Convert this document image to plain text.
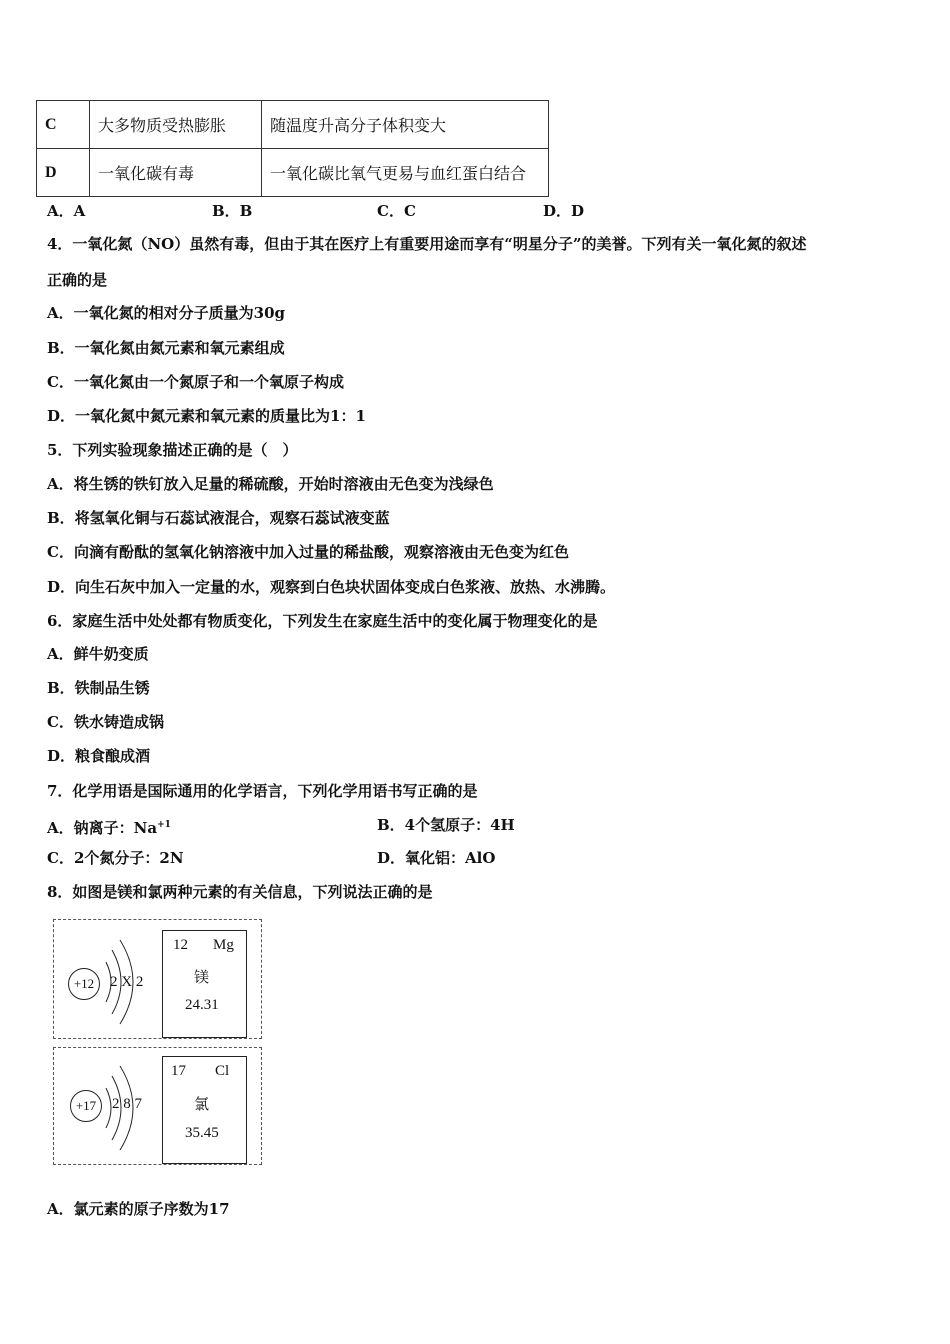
C	大多物质受热膨胀	随温度升高分子体积变大
D	一氧化碳有毒	一氧化碳比氧气更易与血红蛋白结合
A．A	B．B	C．C	D．D
4．一氧化氮（NO）虽然有毒，但由于其在医疗上有重要用途而享有“明星分子”的美誉。下列有关一氧化氮的叙述
正确的是
A．一氧化氮的相对分子质量为30g
B．一氧化氮由氮元素和氧元素组成
C．一氧化氮由一个氮原子和一个氧原子构成
D．一氧化氮中氮元素和氧元素的质量比为1：1
5．下列实验现象描述正确的是（　）
A．将生锈的铁钉放入足量的稀硫酸，开始时溶液由无色变为浅绿色
B．将氢氧化铜与石蕊试液混合，观察石蕊试液变蓝
C．向滴有酚酞的氢氧化钠溶液中加入过量的稀盐酸，观察溶液由无色变为红色
D．向生石灰中加入一定量的水，观察到白色块状固体变成白色浆液、放热、水沸腾。
6．家庭生活中处处都有物质变化，下列发生在家庭生活中的变化属于物理变化的是
A．鲜牛奶变质
B．铁制品生锈
C．铁水铸造成锅
D．粮食酿成酒
7．化学用语是国际通用的化学语言，下列化学用语书写正确的是
A．钠离子：$Na^{+1}$	B．4个氢原子：4H
C．2个氮分子：2N	D．氧化铝：AlO
8．如图是镁和氯两种元素的有关信息，下列说法正确的是
+12	2 X 2
12 Mg
镁
24.31
+17	2 8 7
17 Cl
氯
35.45
A．氯元素的原子序数为17
